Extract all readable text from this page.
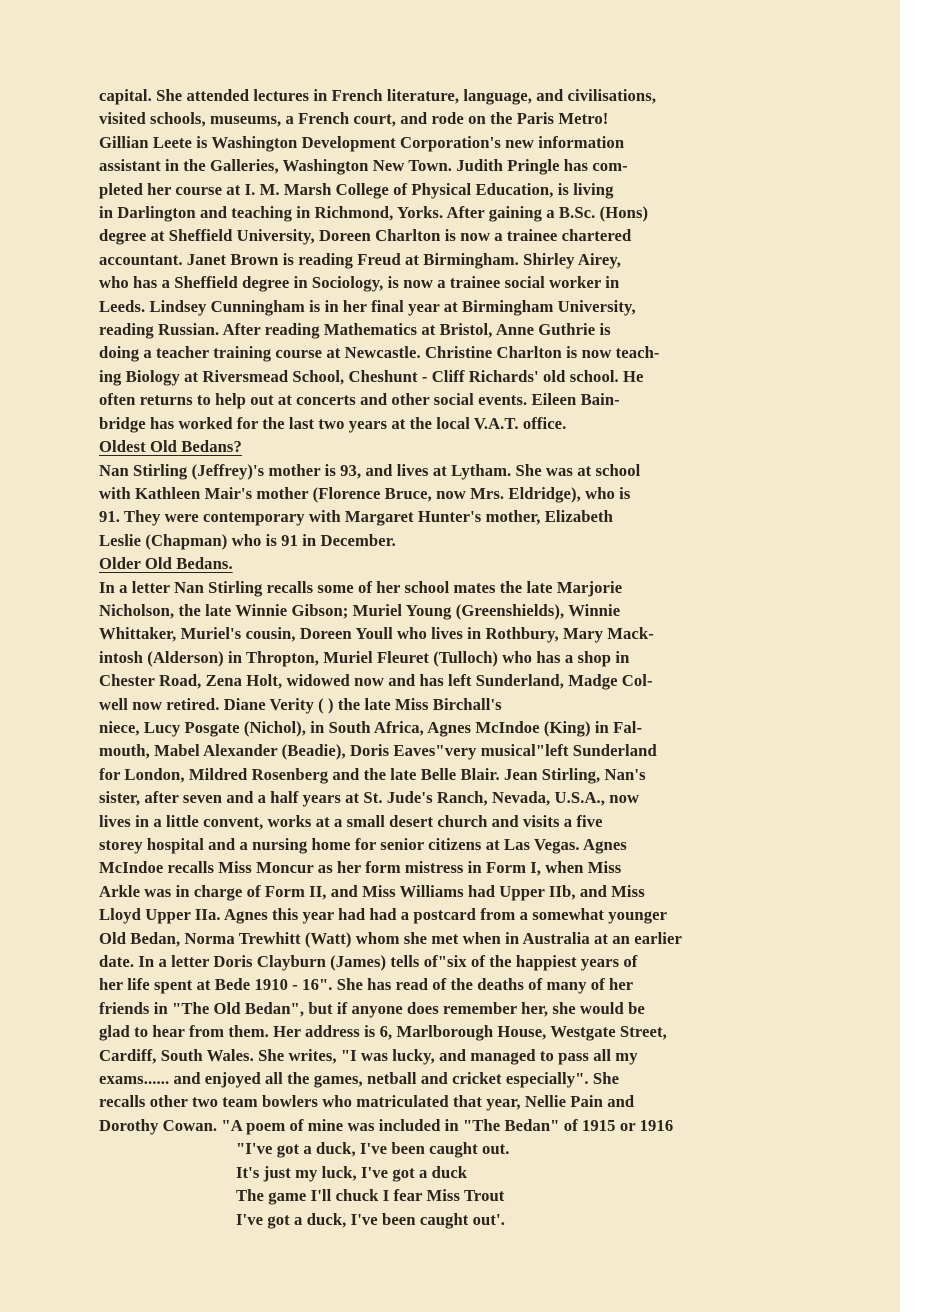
capital. She attended lectures in French literature, language, and civilisations,
visited schools, museums, a French court, and rode on the Paris Metro!
Gillian Leete is Washington Development Corporation's new information
assistant in the Galleries, Washington New Town. Judith Pringle has com-
pleted her course at I. M. Marsh College of Physical Education, is living
in Darlington and teaching in Richmond, Yorks. After gaining a B.Sc. (Hons)
degree at Sheffield University, Doreen Charlton is now a trainee chartered
accountant. Janet Brown is reading Freud at Birmingham. Shirley Airey,
who has a Sheffield degree in Sociology, is now a trainee social worker in
Leeds. Lindsey Cunningham is in her final year at Birmingham University,
reading Russian. After reading Mathematics at Bristol, Anne Guthrie is
doing a teacher training course at Newcastle. Christine Charlton is now teach-
ing Biology at Riversmead School, Cheshunt - Cliff Richards' old school. He
often returns to help out at concerts and other social events. Eileen Bain-
bridge has worked for the last two years at the local V.A.T. office.
Oldest Old Bedans?
Nan Stirling (Jeffrey)'s mother is 93, and lives at Lytham. She was at school
with Kathleen Mair's mother (Florence Bruce, now Mrs. Eldridge), who is
91. They were contemporary with Margaret Hunter's mother, Elizabeth
Leslie (Chapman) who is 91 in December.
Older Old Bedans.
In a letter Nan Stirling recalls some of her school mates the late Marjorie
Nicholson, the late Winnie Gibson; Muriel Young (Greenshields), Winnie
Whittaker, Muriel's cousin, Doreen Youll who lives in Rothbury, Mary Mack-
intosh (Alderson) in Thropton, Muriel Fleuret (Tulloch) who has a shop in
Chester Road, Zena Holt, widowed now and has left Sunderland, Madge Col-
well now retired. Diane Verity ( ) the late Miss Birchall's
niece, Lucy Posgate (Nichol), in South Africa, Agnes McIndoe (King) in Fal-
mouth, Mabel Alexander (Beadie), Doris Eaves"very musical"left Sunderland
for London, Mildred Rosenberg and the late Belle Blair. Jean Stirling, Nan's
sister, after seven and a half years at St. Jude's Ranch, Nevada, U.S.A., now
lives in a little convent, works at a small desert church and visits a five
storey hospital and a nursing home for senior citizens at Las Vegas. Agnes
McIndoe recalls Miss Moncur as her form mistress in Form I, when Miss
Arkle was in charge of Form II, and Miss Williams had Upper IIb, and Miss
Lloyd Upper IIa. Agnes this year had had a postcard from a somewhat younger
Old Bedan, Norma Trewhitt (Watt) whom she met when in Australia at an earlier
date. In a letter Doris Clayburn (James) tells of"six of the happiest years of
her life spent at Bede 1910 - 16". She has read of the deaths of many of her
friends in "The Old Bedan", but if anyone does remember her, she would be
glad to hear from them. Her address is 6, Marlborough House, Westgate Street,
Cardiff, South Wales. She writes, "I was lucky, and managed to pass all my
exams...... and enjoyed all the games, netball and cricket especially". She
recalls other two team bowlers who matriculated that year, Nellie Pain and
Dorothy Cowan. "A poem of mine was included in "The Bedan" of 1915 or 1916
"I've got a duck, I've been caught out.
It's just my luck, I've got a duck
The game I'll chuck I fear Miss Trout
I've got a duck, I've been caught out'.
